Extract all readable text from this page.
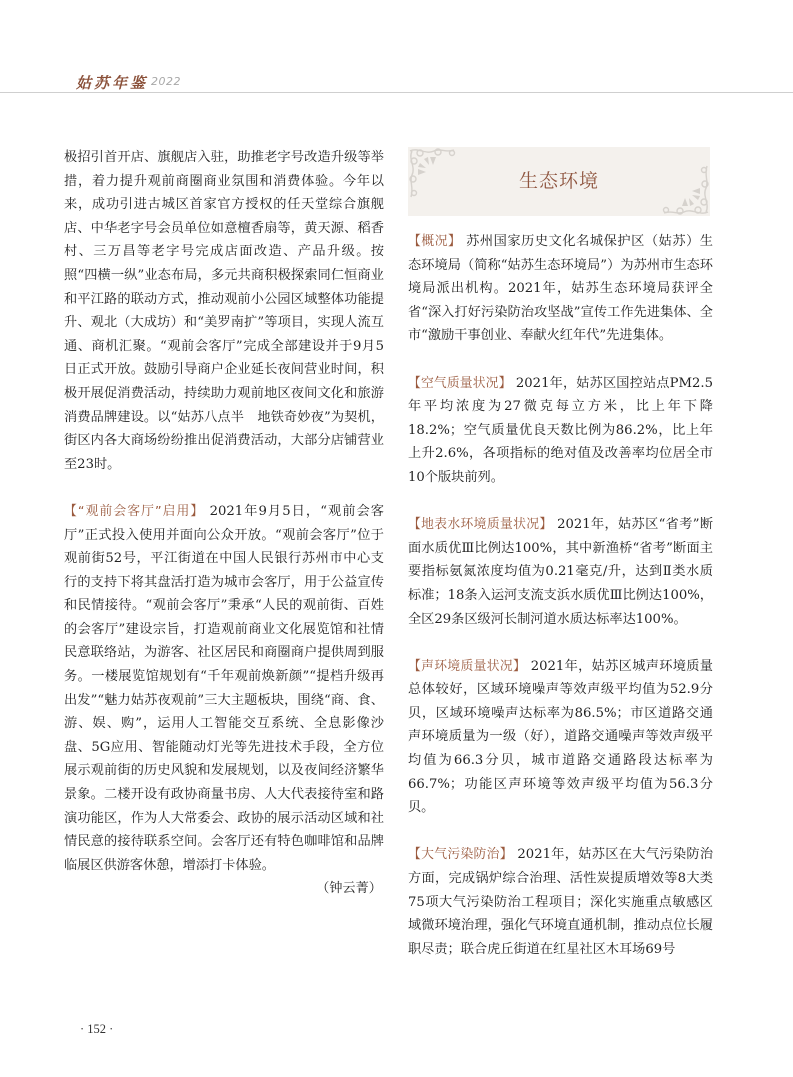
姑苏年鉴 2022

极招引首开店、旗舰店入驻，助推老字号改造升级等举措，着力提升观前商圈商业氛围和消费体验。今年以来，成功引进古城区首家官方授权的任天堂综合旗舰店、中华老字号会员单位如意檀香扇等，黄天源、稻香村、三万昌等老字号完成店面改造、产品升级。按照“四横一纵”业态布局，多元共商积极探索同仁恒商业和平江路的联动方式，推动观前小公园区域整体功能提升、观北（大成坊）和“美罗南扩”等项目，实现人流互通、商机汇聚。“观前会客厅”完成全部建设并于9月5日正式开放。鼓励引导商户企业延长夜间营业时间，积极开展促消费活动，持续助力观前地区夜间文化和旅游消费品牌建设。以“姑苏八点半　地铁奇妙夜”为契机，街区内各大商场纷纷推出促消费活动，大部分店铺营业至23时。

【“观前会客厅”启用】 2021年9月5日，“观前会客厅”正式投入使用并面向公众开放。“观前会客厅”位于观前街52号，平江街道在中国人民银行苏州市中心支行的支持下将其盘活打造为城市会客厅，用于公益宣传和民情接待。“观前会客厅”秉承“人民的观前街、百姓的会客厅”建设宗旨，打造观前商业文化展览馆和社情民意联络站，为游客、社区居民和商圈商户提供周到服务。一楼展览馆规划有“千年观前焕新颜”“提档升级再出发”“魅力姑苏夜观前”三大主题板块，围绕“商、食、游、娱、购”，运用人工智能交互系统、全息影像沙盘、5G应用、智能随动灯光等先进技术手段，全方位展示观前街的历史风貌和发展规划，以及夜间经济繁华景象。二楼开设有政协商量书房、人大代表接待室和路演功能区，作为人大常委会、政协的展示活动区域和社情民意的接待联系空间。会客厅还有特色咖啡馆和品牌临展区供游客休憩，增添打卡体验。

（钟云菁）

生态环境

【概况】 苏州国家历史文化名城保护区（姑苏）生态环境局（简称“姑苏生态环境局”）为苏州市生态环境局派出机构。2021年，姑苏生态环境局获评全省“深入打好污染防治攻坚战”宣传工作先进集体、全市“激励干事创业、奉献火红年代”先进集体。

【空气质量状况】 2021年，姑苏区国控站点PM2.5年平均浓度为27微克每立方米，比上年下降18.2%；空气质量优良天数比例为86.2%，比上年上升2.6%，各项指标的绝对值及改善率均位居全市10个版块前列。

【地表水环境质量状况】 2021年，姑苏区“省考”断面水质优Ⅲ比例达100%，其中新渔桥“省考”断面主要指标氨氮浓度均值为0.21毫克/升，达到Ⅱ类水质标准；18条入运河支流支浜水质优Ⅲ比例达100%，全区29条区级河长制河道水质达标率达100%。

【声环境质量状况】 2021年，姑苏区城声环境质量总体较好，区域环境噪声等效声级平均值为52.9分贝，区域环境噪声达标率为86.5%；市区道路交通声环境质量为一级（好），道路交通噪声等效声级平均值为66.3分贝，城市道路交通路段达标率为66.7%；功能区声环境等效声级平均值为56.3分贝。

【大气污染防治】 2021年，姑苏区在大气污染防治方面，完成锅炉综合治理、活性炭提质增效等8大类75项大气污染防治工程项目；深化实施重点敏感区域微环境治理，强化气环境直通机制，推动点位长履职尽责；联合虎丘街道在红星社区木耳场69号

· 152 ·
